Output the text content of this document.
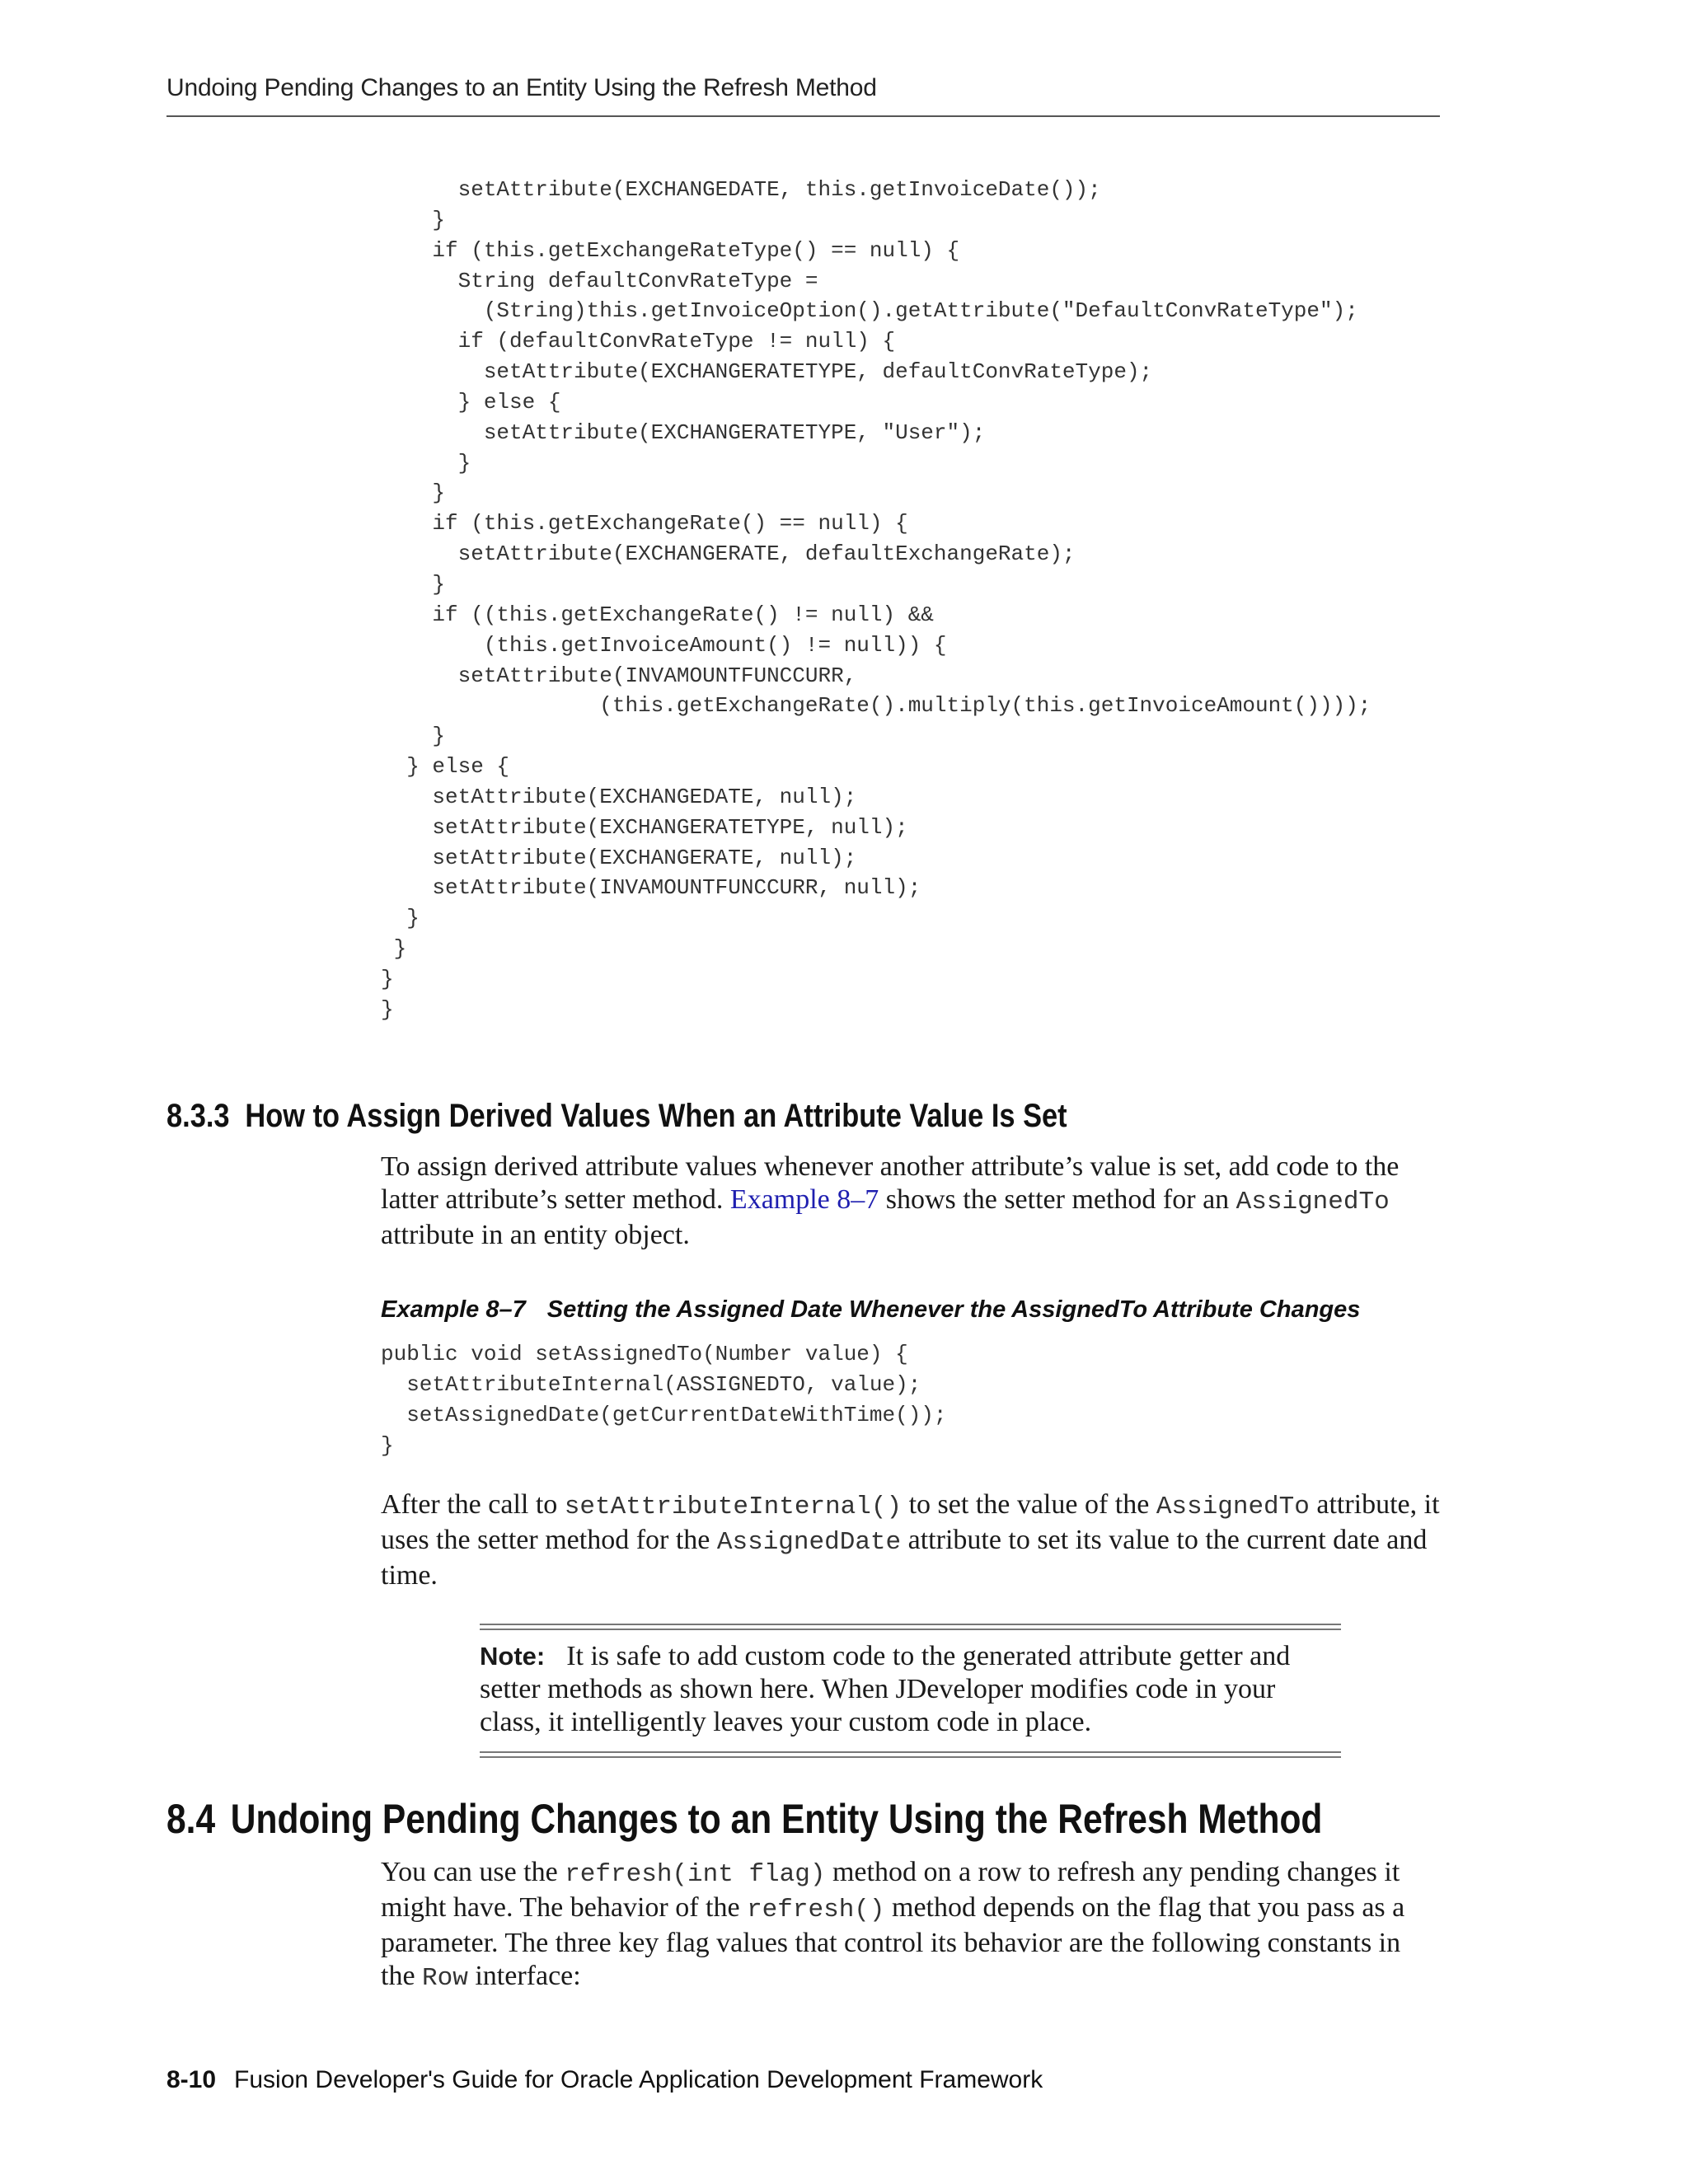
Undoing Pending Changes to an Entity Using the Refresh Method
setAttribute(EXCHANGEDATE, this.getInvoiceDate());
}
if (this.getExchangeRateType() == null) {
String defaultConvRateType =
(String)this.getInvoiceOption().getAttribute("DefaultConvRateType");
if (defaultConvRateType != null) {
setAttribute(EXCHANGERATETYPE, defaultConvRateType);
} else {
setAttribute(EXCHANGERATETYPE, "User");
}
}
if (this.getExchangeRate() == null) {
setAttribute(EXCHANGERATE, defaultExchangeRate);
}
if ((this.getExchangeRate() != null) &&
(this.getInvoiceAmount() != null)) {
setAttribute(INVAMOUNTFUNCCURR,
(this.getExchangeRate().multiply(this.getInvoiceAmount())));
}
} else {
setAttribute(EXCHANGEDATE, null);
setAttribute(EXCHANGERATETYPE, null);
setAttribute(EXCHANGERATE, null);
setAttribute(INVAMOUNTFUNCCURR, null);
}
}
}
}
8.3.3 How to Assign Derived Values When an Attribute Value Is Set

To assign derived attribute values whenever another attribute’s value is set, add code to the latter attribute’s setter method. Example 8–7 shows the setter method for an AssignedTo attribute in an entity object.

Example 8–7 Setting the Assigned Date Whenever the AssignedTo Attribute Changes
public void setAssignedTo(Number value) {
setAttributeInternal(ASSIGNEDTO, value);
setAssignedDate(getCurrentDateWithTime());
}

After the call to setAttributeInternal() to set the value of the AssignedTo attribute, it uses the setter method for the AssignedDate attribute to set its value to the current date and time.

Note: It is safe to add custom code to the generated attribute getter and setter methods as shown here. When JDeveloper modifies code in your class, it intelligently leaves your custom code in place.

8.4 Undoing Pending Changes to an Entity Using the Refresh Method

You can use the refresh(int flag) method on a row to refresh any pending changes it might have. The behavior of the refresh() method depends on the flag that you pass as a parameter. The three key flag values that control its behavior are the following constants in the Row interface:

8-10 Fusion Developer's Guide for Oracle Application Development Framework
